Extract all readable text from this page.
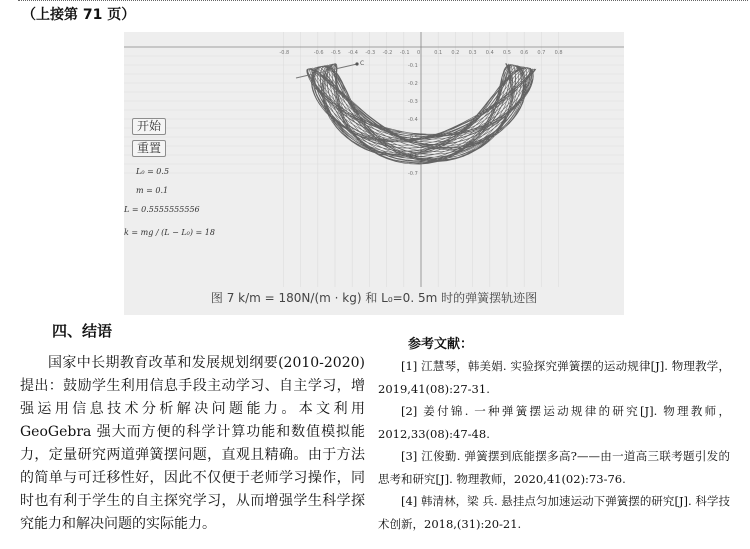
（上接第 71 页）
-0.8	-0.6 -0.5 -0.4 -0.3 -0.2 -0.1 0	0.1 0.2 0.3 0.4 0.5 0.6 0.7 0.8
-0.1
-0.2
-0.3
-0.4
-0.5
-0.6
-0.7
C
开始
重置
L₀ = 0.5
m = 0.1
L = 0.5555555556
k = mg / (L − L₀) = 18
图 7 k/m = 180N/(m · kg) 和 L₀=0. 5m 时的弹簧摆轨迹图
四、结语

国家中长期教育改革和发展规划纲要(2010-2020)提出：鼓励学生利用信息手段主动学习、自主学习，增强运用信息技术分析解决问题能力。本文利用 GeoGebra 强大而方便的科学计算功能和数值模拟能力，定量研究两道弹簧摆问题，直观且精确。由于方法的简单与可迁移性好，因此不仅便于老师学习操作，同时也有利于学生的自主探究学习，从而增强学生科学探究能力和解决问题的实际能力。

参考文献：
[1] 江慧琴，韩美娟. 实验探究弹簧摆的运动规律[J]. 物理教学，2019,41(08):27-31.
[2] 姜付锦. 一种弹簧摆运动规律的研究[J]. 物理教师，2012,33(08):47-48.
[3] 江俊勤. 弹簧摆到底能摆多高?——由一道高三联考题引发的思考和研究[J]. 物理教师，2020,41(02):73-76.
[4] 韩清林，梁 兵. 悬挂点匀加速运动下弹簧摆的研究[J]. 科学技术创新，2018,(31):20-21.
